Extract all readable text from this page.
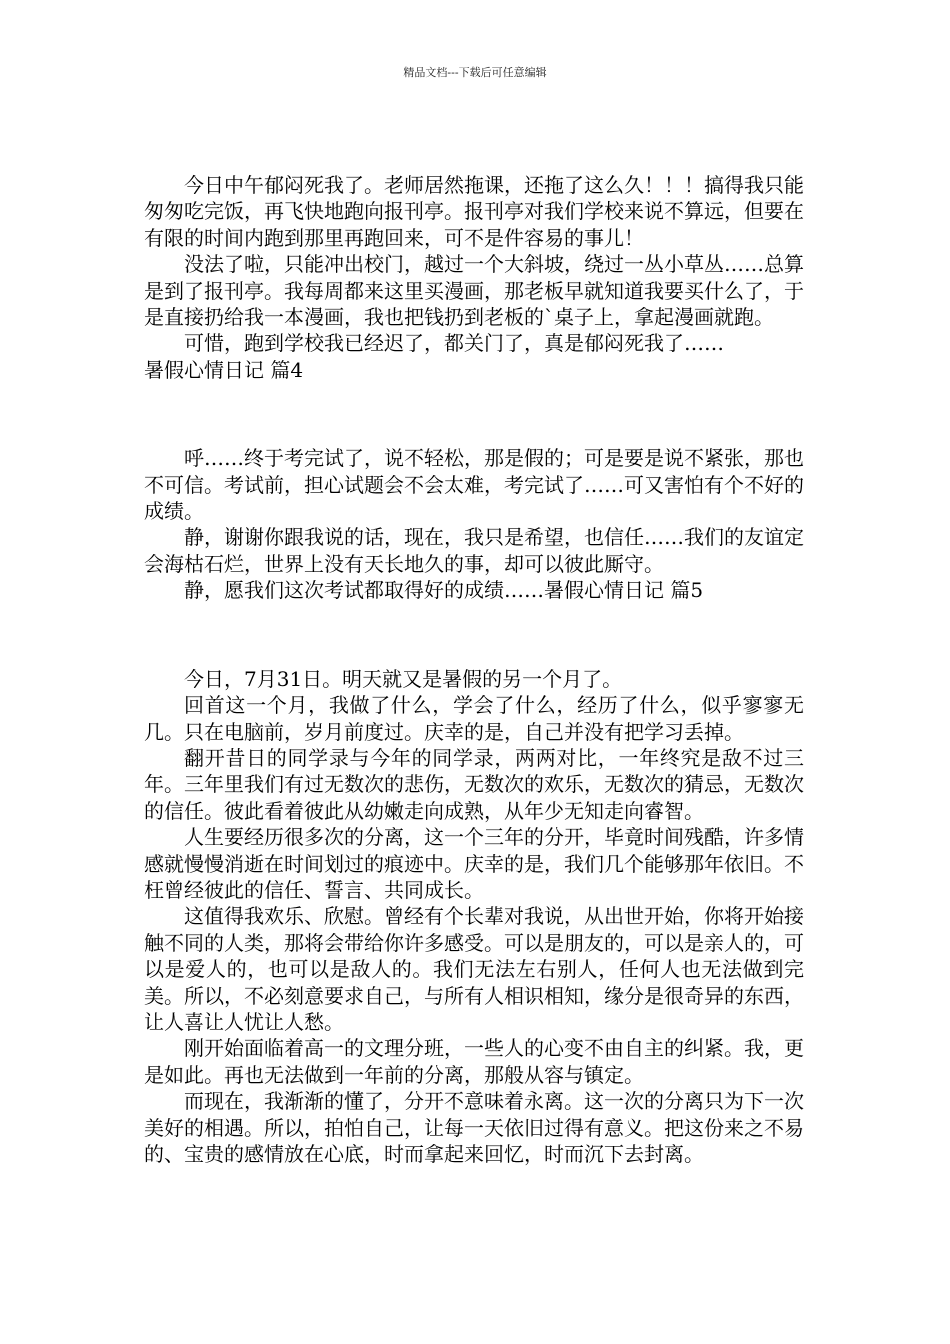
精品文档---下载后可任意编辑

今日中午郁闷死我了。老师居然拖课，还拖了这么久！！！搞得我只能匆匆吃完饭，再飞快地跑向报刊亭。报刊亭对我们学校来说不算远，但要在有限的时间内跑到那里再跑回来，可不是件容易的事儿！

没法了啦，只能冲出校门，越过一个大斜坡，绕过一丛小草丛……总算是到了报刊亭。我每周都来这里买漫画，那老板早就知道我要买什么了，于是直接扔给我一本漫画，我也把钱扔到老板的`桌子上，拿起漫画就跑。

可惜，跑到学校我已经迟了，都关门了，真是郁闷死我了……

暑假心情日记 篇4

呼……终于考完试了，说不轻松，那是假的；可是要是说不紧张，那也不可信。考试前，担心试题会不会太难，考完试了……可又害怕有个不好的成绩。

静，谢谢你跟我说的话，现在，我只是希望，也信任……我们的友谊定会海枯石烂，世界上没有天长地久的事，却可以彼此厮守。

静，愿我们这次考试都取得好的成绩……暑假心情日记 篇5

今日，7月31日。明天就又是暑假的另一个月了。

回首这一个月，我做了什么，学会了什么，经历了什么，似乎寥寥无几。只在电脑前，岁月前度过。庆幸的是，自己并没有把学习丢掉。

翻开昔日的同学录与今年的同学录，两两对比，一年终究是敌不过三年。三年里我们有过无数次的悲伤，无数次的欢乐，无数次的猜忌，无数次的信任。彼此看着彼此从幼嫩走向成熟，从年少无知走向睿智。

人生要经历很多次的分离，这一个三年的分开，毕竟时间残酷，许多情感就慢慢消逝在时间划过的痕迹中。庆幸的是，我们几个能够那年依旧。不枉曾经彼此的信任、誓言、共同成长。

这值得我欢乐、欣慰。曾经有个长辈对我说，从出世开始，你将开始接触不同的人类，那将会带给你许多感受。可以是朋友的，可以是亲人的，可以是爱人的，也可以是敌人的。我们无法左右别人，任何人也无法做到完美。所以，不必刻意要求自己，与所有人相识相知，缘分是很奇异的东西，让人喜让人忧让人愁。

刚开始面临着高一的文理分班，一些人的心变不由自主的纠紧。我，更是如此。再也无法做到一年前的分离，那般从容与镇定。

而现在，我渐渐的懂了，分开不意味着永离。这一次的分离只为下一次美好的相遇。所以，拍怕自己，让每一天依旧过得有意义。把这份来之不易的、宝贵的感情放在心底，时而拿起来回忆，时而沉下去封离。
